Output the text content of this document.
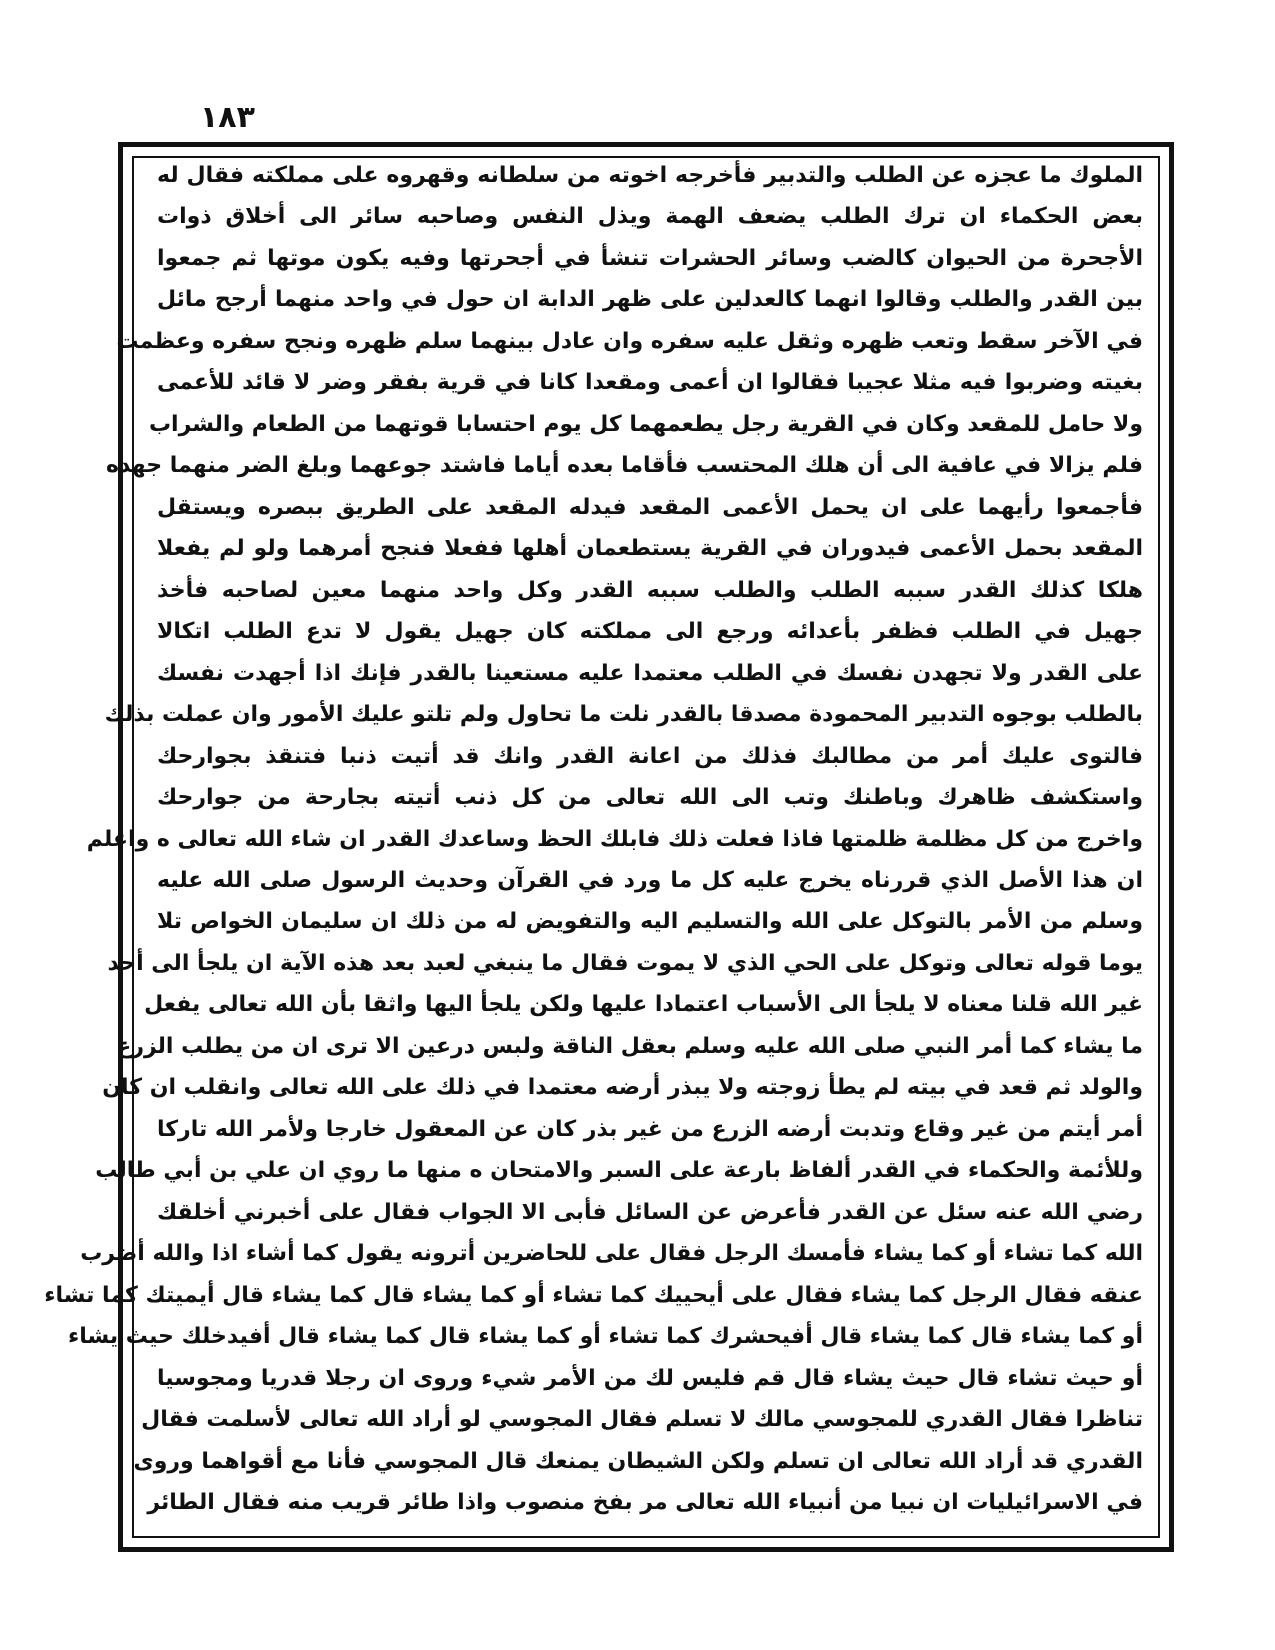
١٨٣
الملوك ما عجزه عن الطلب والتدبير فأخرجه اخوته من سلطانه وقهروه على مملكته فقال له
بعض الحكماء ان ترك الطلب يضعف الهمة ويذل النفس وصاحبه سائر الى أخلاق ذوات
الأجحرة من الحيوان كالضب وسائر الحشرات تنشأ في أجحرتها وفيه يكون موتها ثم جمعوا
بين القدر والطلب وقالوا انهما كالعدلين على ظهر الدابة ان حول في واحد منهما أرجح مائل
في الآخر سقط وتعب ظهره وثقل عليه سفره وان عادل بينهما سلم ظهره ونجح سفره وعظمت
بغيته وضربوا فيه مثلا عجيبا فقالوا ان أعمى ومقعدا كانا في قرية بفقر وضر لا قائد للأعمى
ولا حامل للمقعد وكان في القرية رجل يطعمهما كل يوم احتسابا قوتهما من الطعام والشراب
فلم يزالا في عافية الى أن هلك المحتسب فأقاما بعده أياما فاشتد جوعهما وبلغ الضر منهما جهده
فأجمعوا رأيهما على ان يحمل الأعمى المقعد فيدله المقعد على الطريق ببصره ويستقل
المقعد بحمل الأعمى فيدوران في القرية يستطعمان أهلها ففعلا فنجح أمرهما ولو لم يفعلا
هلكا كذلك القدر سببه الطلب والطلب سببه القدر وكل واحد منهما معين لصاحبه فأخذ
جهيل في الطلب فظفر بأعدائه ورجع الى مملكته كان جهيل يقول لا تدع الطلب اتكالا
على القدر ولا تجهدن نفسك في الطلب معتمدا عليه مستعينا بالقدر فإنك اذا أجهدت نفسك
بالطلب بوجوه التدبير المحمودة مصدقا بالقدر نلت ما تحاول ولم تلتو عليك الأمور وان عملت بذلك
فالتوى عليك أمر من مطالبك فذلك من اعانة القدر وانك قد أتيت ذنبا فتنقذ بجوارحك
واستكشف ظاهرك وباطنك وتب الى الله تعالى من كل ذنب أتيته بجارحة من جوارحك
واخرج من كل مظلمة ظلمتها فاذا فعلت ذلك فابلك الحظ وساعدك القدر ان شاء الله تعالى ه واعلم
ان هذا الأصل الذي قررناه يخرج عليه كل ما ورد في القرآن وحديث الرسول صلى الله عليه
وسلم من الأمر بالتوكل على الله والتسليم اليه والتفويض له من ذلك ان سليمان الخواص تلا
يوما قوله تعالى وتوكل على الحي الذي لا يموت فقال ما ينبغي لعبد بعد هذه الآية ان يلجأ الى أحد
غير الله قلنا معناه لا يلجأ الى الأسباب اعتمادا عليها ولكن يلجأ اليها واثقا بأن الله تعالى يفعل
ما يشاء كما أمر النبي صلى الله عليه وسلم بعقل الناقة ولبس درعين الا ترى ان من يطلب الزرع
والولد ثم قعد في بيته لم يطأ زوجته ولا يبذر أرضه معتمدا في ذلك على الله تعالى وانقلب ان كان
أمر أيتم من غير وقاع وتدبت أرضه الزرع من غير بذر كان عن المعقول خارجا ولأمر الله تاركا
وللأئمة والحكماء في القدر ألفاظ بارعة على السبر والامتحان ه منها ما روي ان علي بن أبي طالب
رضي الله عنه سئل عن القدر فأعرض عن السائل فأبى الا الجواب فقال على أخبرني أخلقك
الله كما تشاء أو كما يشاء فأمسك الرجل فقال على للحاضرين أترونه يقول كما أشاء اذا والله أضرب
عنقه فقال الرجل كما يشاء فقال على أيحييك كما تشاء أو كما يشاء قال كما يشاء قال أيميتك كما تشاء
أو كما يشاء قال كما يشاء قال أفيحشرك كما تشاء أو كما يشاء قال كما يشاء قال أفيدخلك حيث يشاء
أو حيث تشاء قال حيث يشاء قال قم فليس لك من الأمر شيء وروى ان رجلا قدريا ومجوسيا
تناظرا فقال القدري للمجوسي مالك لا تسلم فقال المجوسي لو أراد الله تعالى لأسلمت فقال
القدري قد أراد الله تعالى ان تسلم ولكن الشيطان يمنعك قال المجوسي فأنا مع أقواهما وروى
في الاسرائيليات ان نبيا من أنبياء الله تعالى مر بفخ منصوب واذا طائر قريب منه فقال الطائر
